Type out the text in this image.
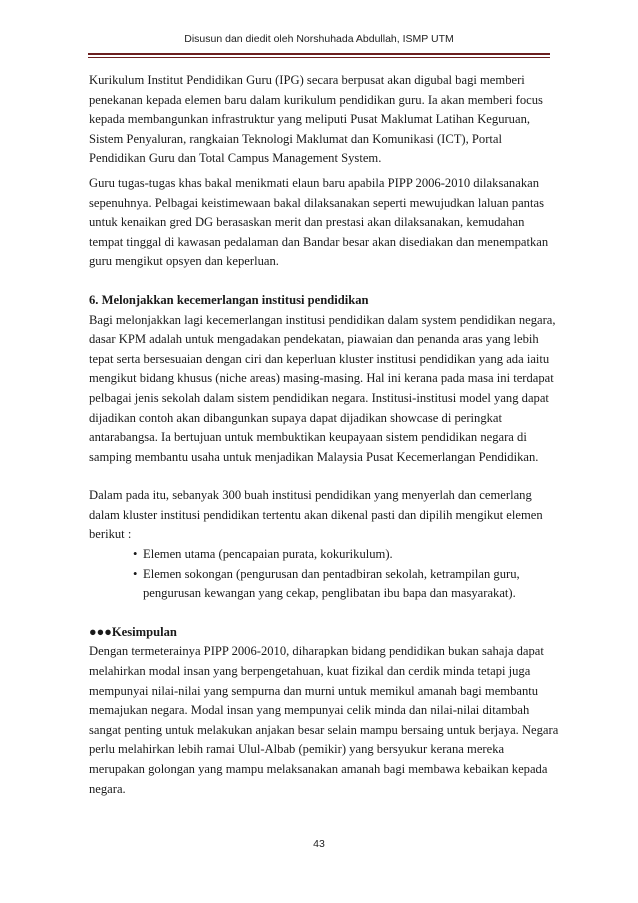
Disusun dan diedit oleh Norshuhada Abdullah, ISMP UTM

Kurikulum Institut Pendidikan Guru (IPG) secara berpusat akan digubal bagi memberi penekanan kepada elemen baru dalam kurikulum pendidikan guru. Ia akan memberi focus kepada membangunkan infrastruktur yang meliputi Pusat Maklumat Latihan Keguruan, Sistem Penyaluran, rangkaian Teknologi Maklumat dan Komunikasi (ICT), Portal Pendidikan Guru dan Total Campus Management System.

Guru tugas-tugas khas bakal menikmati elaun baru apabila PIPP 2006-2010 dilaksanakan sepenuhnya. Pelbagai keistimewaan bakal dilaksanakan seperti mewujudkan laluan pantas untuk kenaikan gred DG berasaskan merit dan prestasi akan dilaksanakan, kemudahan tempat tinggal di kawasan pedalaman dan Bandar besar akan disediakan dan menempatkan guru mengikut opsyen dan keperluan.

6. Melonjakkan kecemerlangan institusi pendidikan

Bagi melonjakkan lagi kecemerlangan institusi pendidikan dalam system pendidikan negara, dasar KPM adalah untuk mengadakan pendekatan, piawaian dan penanda aras yang lebih tepat serta bersesuaian dengan ciri dan keperluan kluster institusi pendidikan yang ada iaitu mengikut bidang khusus (niche areas) masing-masing. Hal ini kerana pada masa ini terdapat pelbagai jenis sekolah dalam sistem pendidikan negara. Institusi-institusi model yang dapat dijadikan contoh akan dibangunkan supaya dapat dijadikan showcase di peringkat antarabangsa. Ia bertujuan untuk membuktikan keupayaan sistem pendidikan negara di samping membantu usaha untuk menjadikan Malaysia Pusat Kecemerlangan Pendidikan.

Dalam pada itu, sebanyak 300 buah institusi pendidikan yang menyerlah dan cemerlang dalam kluster institusi pendidikan tertentu akan dikenal pasti dan dipilih mengikut elemen berikut :

• Elemen utama (pencapaian purata, kokurikulum).
• Elemen sokongan (pengurusan dan pentadbiran sekolah, ketrampilan guru, pengurusan kewangan yang cekap, penglibatan ibu bapa dan masyarakat).

●●●Kesimpulan

Dengan termeterainya PIPP 2006-2010, diharapkan bidang pendidikan bukan sahaja dapat melahirkan modal insan yang berpengetahuan, kuat fizikal dan cerdik minda tetapi juga mempunyai nilai-nilai yang sempurna dan murni untuk memikul amanah bagi membantu memajukan negara. Modal insan yang mempunyai celik minda dan nilai-nilai ditambah sangat penting untuk melakukan anjakan besar selain mampu bersaing untuk berjaya. Negara perlu melahirkan lebih ramai Ulul-Albab (pemikir) yang bersyukur kerana mereka merupakan golongan yang mampu melaksanakan amanah bagi membawa kebaikan kepada negara.

43
